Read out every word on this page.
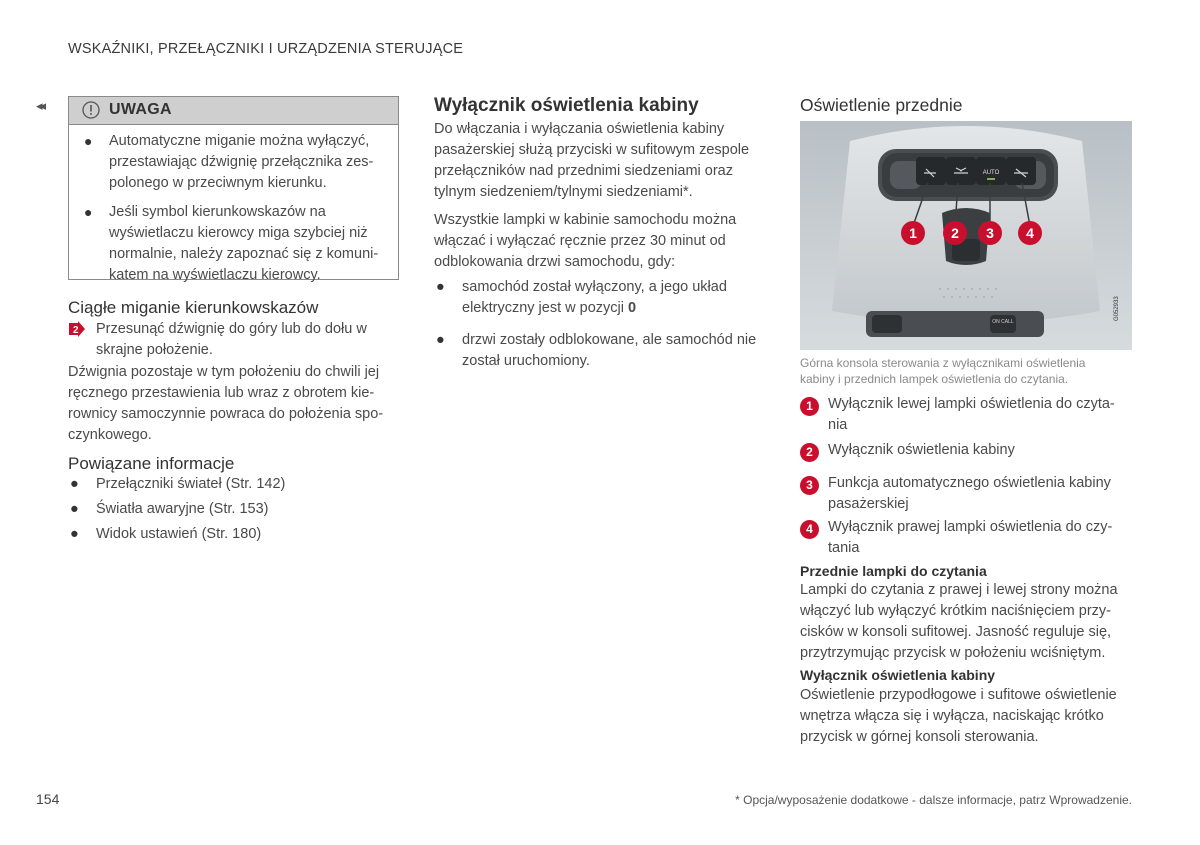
WSKAŹNIKI, PRZEŁĄCZNIKI I URZĄDZENIA STERUJĄCE
◂◂	UWAGA
● Automatyczne miganie można wyłączyć, przestawiając dźwignię przełącznika zes-polonego w przeciwnym kierunku.
● Jeśli symbol kierunkowskazów na wyświetlaczu kierowcy miga szybciej niż normalnie, należy zapoznać się z komuni-katem na wyświetlaczu kierowcy.
Ciągłe miganie kierunkowskazów
2 Przesunąć dźwignię do góry lub do dołu w skrajne położenie.
Dźwignia pozostaje w tym położeniu do chwili jej ręcznego przestawienia lub wraz z obrotem kie-rownicy samoczynnie powraca do położenia spo-czynkowego.
Powiązane informacje
● Przełączniki świateł (Str. 142)
● Światła awaryjne (Str. 153)
● Widok ustawień (Str. 180)
Wyłącznik oświetlenia kabiny
Do włączania i wyłączania oświetlenia kabiny pasażerskiej służą przyciski w sufitowym zespole przełączników nad przednimi siedzeniami oraz tylnym siedzeniem/tylnymi siedzeniami*.
Wszystkie lampki w kabinie samochodu można włączać i wyłączać ręcznie przez 30 minut od odblokowania drzwi samochodu, gdy:
● samochód został wyłączony, a jego układ elektryczny jest w pozycji 0
● drzwi zostały odblokowane, ale samochód nie został uruchomiony.
Oświetlenie przednie
AUTO
ON CALL
G052933
1 2 3 4
Górna konsola sterowania z wyłącznikami oświetlenia kabiny i przednich lampek oświetlenia do czytania.
1	Wyłącznik lewej lampki oświetlenia do czyta-nia
2	Wyłącznik oświetlenia kabiny
3	Funkcja automatycznego oświetlenia kabiny pasażerskiej
4	Wyłącznik prawej lampki oświetlenia do czy-tania
Przednie lampki do czytania
Lampki do czytania z prawej i lewej strony można włączyć lub wyłączyć krótkim naciśnięciem przy-cisków w konsoli sufitowej. Jasność reguluje się, przytrzymując przycisk w położeniu wciśniętym.
Wyłącznik oświetlenia kabiny
Oświetlenie przypodłogowe i sufitowe oświetlenie wnętrza włącza się i wyłącza, naciskając krótko przycisk w górnej konsoli sterowania.
154	* Opcja/wyposażenie dodatkowe - dalsze informacje, patrz Wprowadzenie.
